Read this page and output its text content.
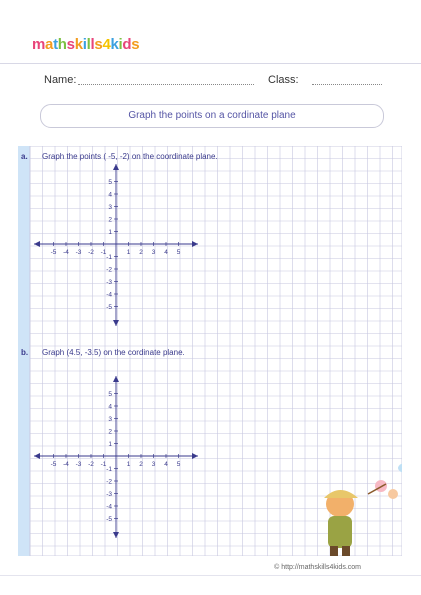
mathskills4kids
Name:	Class:
Graph the points on a cordinate plane
a. Graph the points ( -5, -2) on the coordinate plane.
-5 -4 -3 -2 -1	1 2 3 4 5
5
4
3
2
1
-1
-2
-3
-4
-5
b. Graph (4.5, -3.5) on the cordinate plane.
-5 -4 -3 -2 -1	1 2 3 4 5
5
4
3
2
1
-1
-2
-3
-4
-5
© http://mathskills4kids.com
